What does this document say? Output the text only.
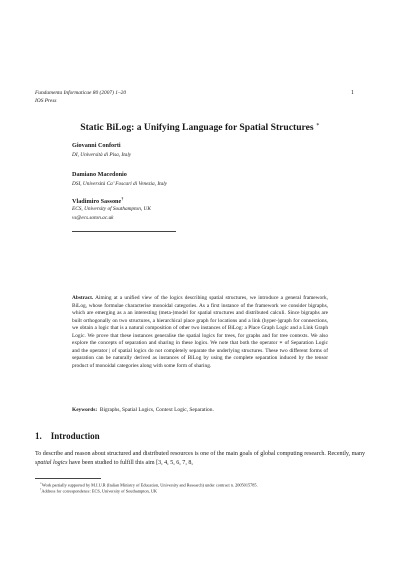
Fundamenta Informaticae 80 (2007) 1–20
IOS Press
1
Static BiLog: a Unifying Language for Spatial Structures ∗
Giovanni Conforti
DI, Università di Pisa, Italy
Damiano Macedonio
DSI, Università Ca’ Foscari di Venezia, Italy
Vladimiro Sassone†
ECS, University of Southampton, UK
vs@ecs.soton.ac.uk
Abstract. Aiming at a unified view of the logics describing spatial structures, we introduce a general framework, BiLog, whose formulae characterise monoidal categories. As a first instance of the framework we consider bigraphs, which are emerging as a an interesting (meta-)model for spatial structures and distributed calculi. Since bigraphs are built orthogonally on two structures, a hierarchical place graph for locations and a link (hyper-)graph for connections, we obtain a logic that is a natural composition of other two instances of BiLog: a Place Graph Logic and a Link Graph Logic. We prove that these instances generalise the spatial logics for trees, for graphs and for tree contexts. We also explore the concepts of separation and sharing in these logics. We note that both the operator ∗ of Separation Logic and the operator | of spatial logics do not completely separate the underlying structures. These two different forms of separation can be naturally derived as instances of BiLog by using the complete separation induced by the tensor product of monoidal categories along with some form of sharing.
Keywords: Bigraphs, Spatial Logics, Context Logic, Separation.
1. Introduction
To describe and reason about structured and distributed resources is one of the main goals of global computing research. Recently, many spatial logics have been studied to fulfill this aim [3, 4, 5, 6, 7, 8,
∗Work partially supported by M.I.U.R (Italian Ministry of Education, University and Research) under contract n. 2005015785.
†Address for correspondence: ECS, University of Southampton, UK
